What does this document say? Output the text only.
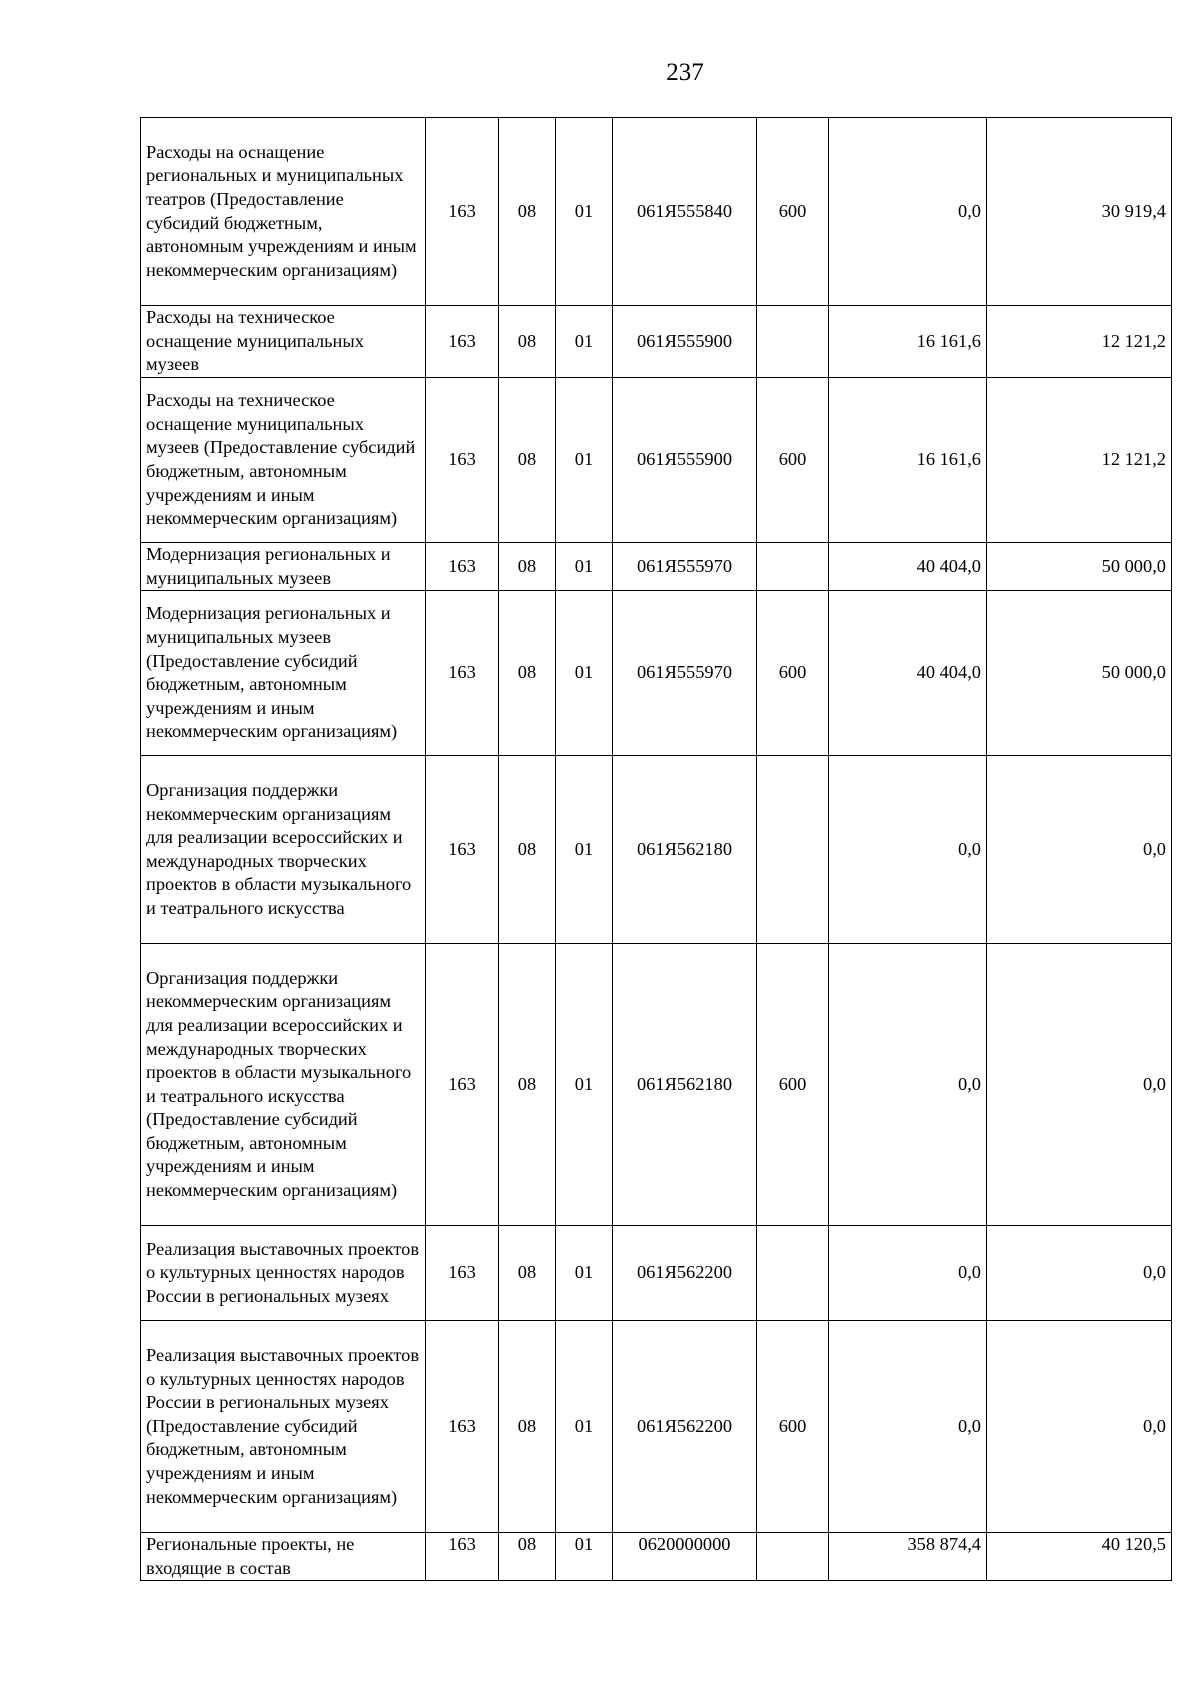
237
Расходы на оснащение региональных и муниципальных театров (Предоставление субсидий бюджетным, автономным учреждениям и иным некоммерческим организациям)	163	08	01	061Я555840	600	0,0	30 919,4
Расходы на техническое оснащение муниципальных музеев	163	08	01	061Я555900		16 161,6	12 121,2
Расходы на техническое оснащение муниципальных музеев (Предоставление субсидий бюджетным, автономным учреждениям и иным некоммерческим организациям)	163	08	01	061Я555900	600	16 161,6	12 121,2
Модернизация региональных и муниципальных музеев	163	08	01	061Я555970		40 404,0	50 000,0
Модернизация региональных и муниципальных музеев (Предоставление субсидий бюджетным, автономным учреждениям и иным некоммерческим организациям)	163	08	01	061Я555970	600	40 404,0	50 000,0
Организация поддержки некоммерческим организациям для реализации всероссийских и международных творческих проектов в области музыкального и театрального искусства	163	08	01	061Я562180		0,0	0,0
Организация поддержки некоммерческим организациям для реализации всероссийских и международных творческих проектов в области музыкального и театрального искусства (Предоставление субсидий бюджетным, автономным учреждениям и иным некоммерческим организациям)	163	08	01	061Я562180	600	0,0	0,0
Реализация выставочных проектов о культурных ценностях народов России в региональных музеях	163	08	01	061Я562200		0,0	0,0
Реализация выставочных проектов о культурных ценностях народов России в региональных музеях (Предоставление субсидий бюджетным, автономным учреждениям и иным некоммерческим организациям)	163	08	01	061Я562200	600	0,0	0,0
Региональные проекты, не входящие в состав	163	08	01	0620000000		358 874,4	40 120,5
